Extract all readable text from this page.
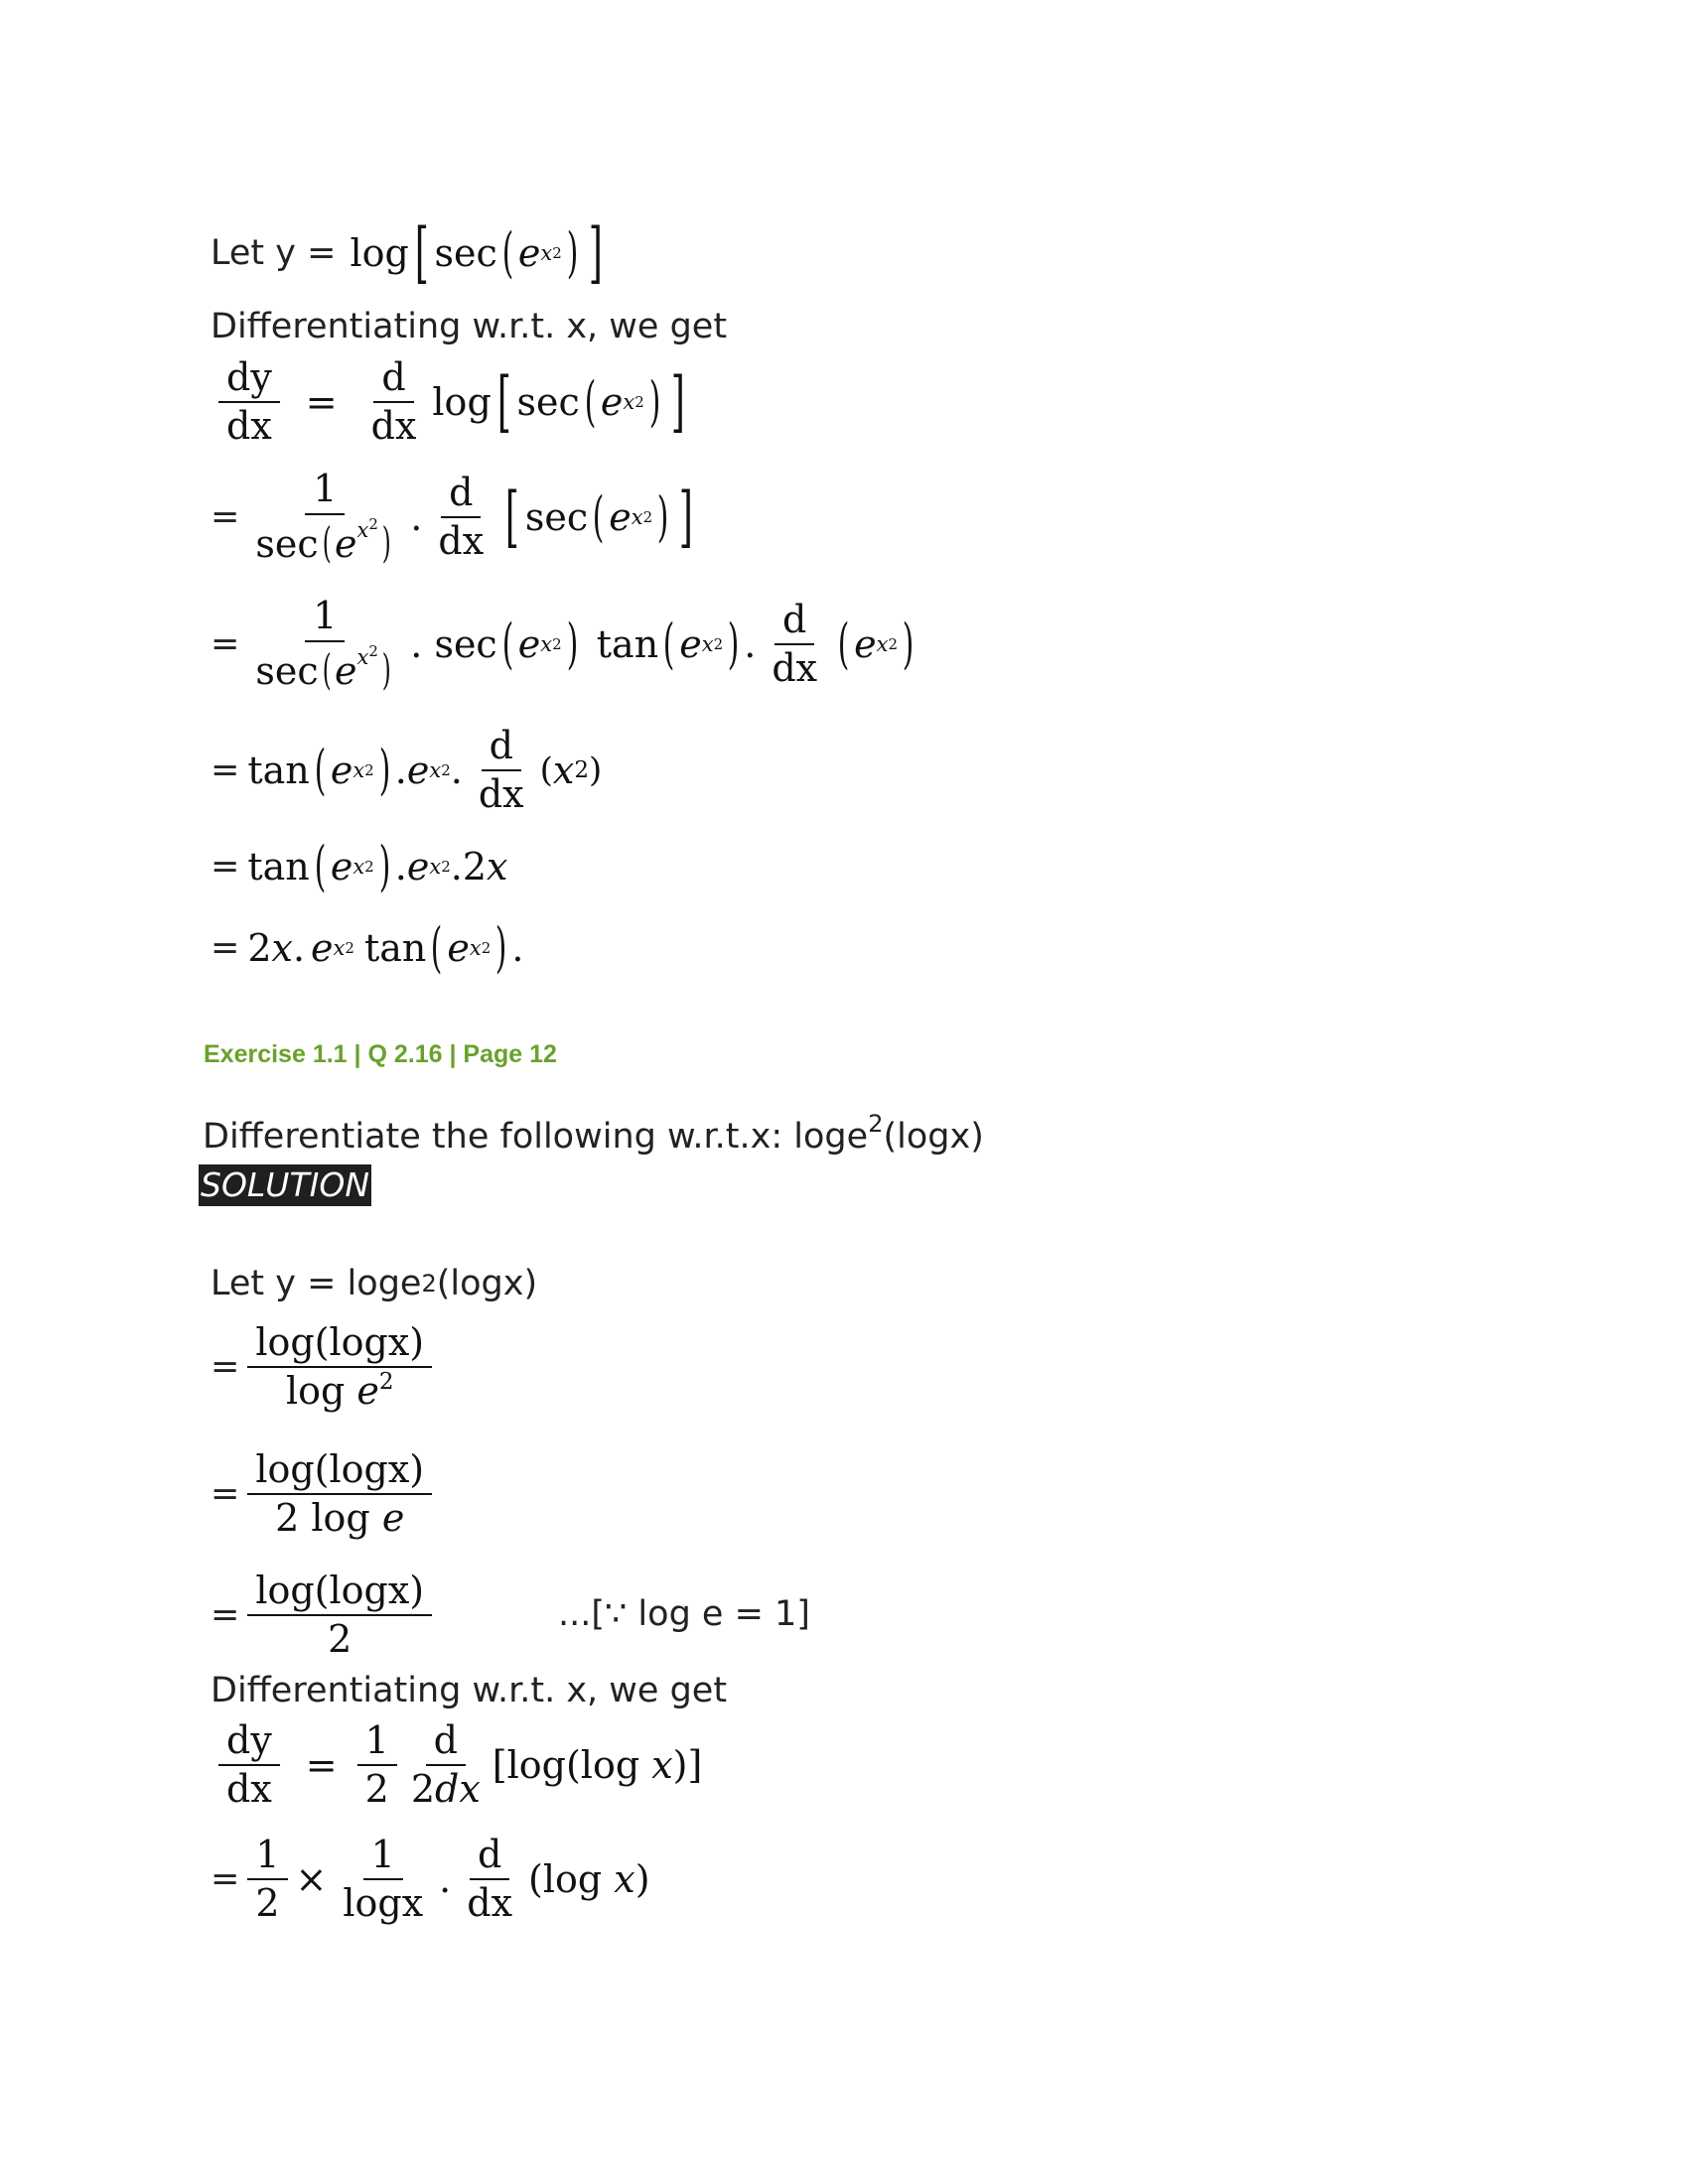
Let y = log [ sec ( e x 2 ) ]
Differentiating w.r.t. x, we get
$\frac{dy}{dx} = \frac{d}{dx}$ log [ sec ( e x 2 ) ]
= $\frac{1}{\sec(e^{x2})}$ . $\frac{d}{dx}$ [ sec ( e x 2 ) ]
= $\frac{1}{\sec(e^{x2})}$ . sec ( e x 2 ) tan ( e x 2 ) . $\frac{d}{dx}$ ( e x 2 )
= tan ( e x 2 ) . e x 2 . $\frac{d}{dx}$ ( x 2 )
= tan ( e x 2 ) . e x 2 .2 x
= 2 x . e x 2 tan ( e x 2 ) .
Exercise 1.1 | Q 2.16 | Page 12
Differentiate the following w.r.t.x: loge$^2$(logx)
SOLUTION
Let y = loge 2 (logx)
= $\frac{\log(\log x)}{\log e^2}$
= $\frac{\log(\log x)}{\text{2 log e}}$
= $\frac{\log(\log x)}{2}$	...[∵ log e = 1]
Differentiating w.r.t. x, we get
$\frac{dy}{dx} = \frac{1}{2} \frac{d}{2dx} [\log(\log$ x)]
= $\frac{1}{2} \times \frac{1}{\log x}$ . $\frac{d}{dx} (\log$ x)
